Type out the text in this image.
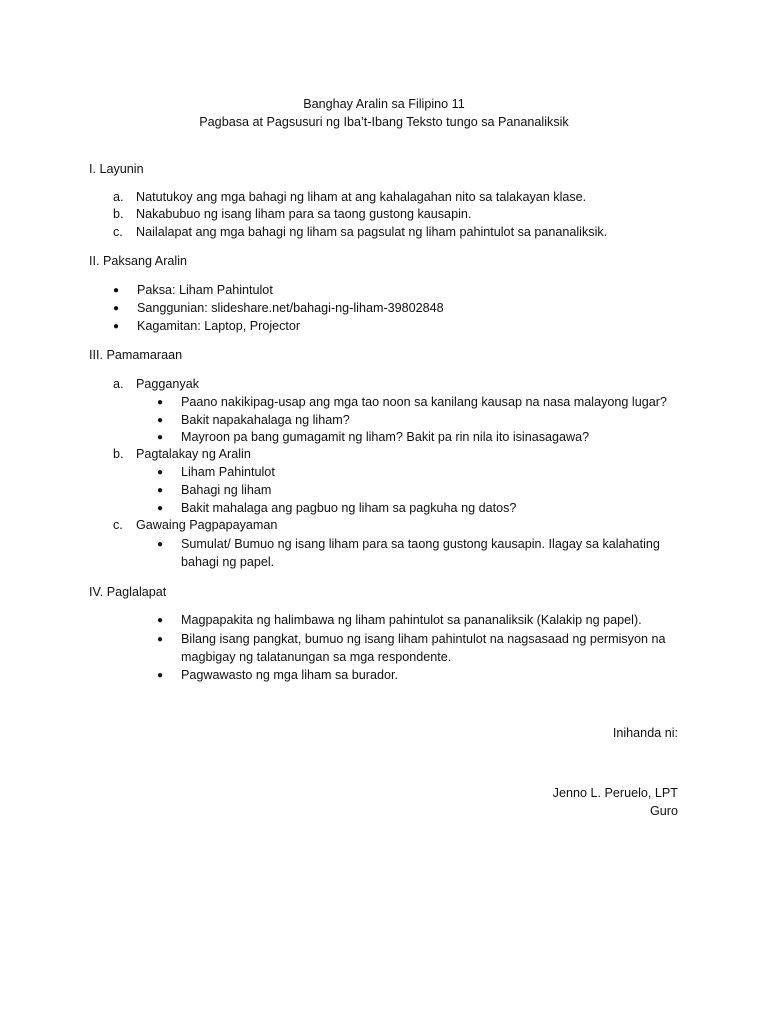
Banghay Aralin sa Filipino 11
Pagbasa at Pagsusuri ng Iba’t-Ibang Teksto tungo sa Pananaliksik
I. Layunin
a. Natutukoy ang mga bahagi ng liham at ang kahalagahan nito sa talakayan klase.
b. Nakabubuo ng isang liham para sa taong gustong kausapin.
c. Nailalapat ang mga bahagi ng liham sa pagsulat ng liham pahintulot sa pananaliksik.
II. Paksang Aralin
● Paksa: Liham Pahintulot
● Sanggunian: slideshare.net/bahagi-ng-liham-39802848
● Kagamitan: Laptop, Projector
III. Pamamaraan
a. Pagganyak
● Paano nakikipag-usap ang mga tao noon sa kanilang kausap na nasa malayong lugar?
● Bakit napakahalaga ng liham?
● Mayroon pa bang gumagamit ng liham? Bakit pa rin nila ito isinasagawa?
b. Pagtalakay ng Aralin
● Liham Pahintulot
● Bahagi ng liham
● Bakit mahalaga ang pagbuo ng liham sa pagkuha ng datos?
c. Gawaing Pagpapayaman
● Sumulat/ Bumuo ng isang liham para sa taong gustong kausapin. Ilagay sa kalahating
bahagi ng papel.
IV. Paglalapat
● Magpapakita ng halimbawa ng liham pahintulot sa pananaliksik (Kalakip ng papel).
● Bilang isang pangkat, bumuo ng isang liham pahintulot na nagsasaad ng permisyon na
magbigay ng talatanungan sa mga respondente.
● Pagwawasto ng mga liham sa burador.
Inihanda ni:
Jenno L. Peruelo, LPT
Guro
